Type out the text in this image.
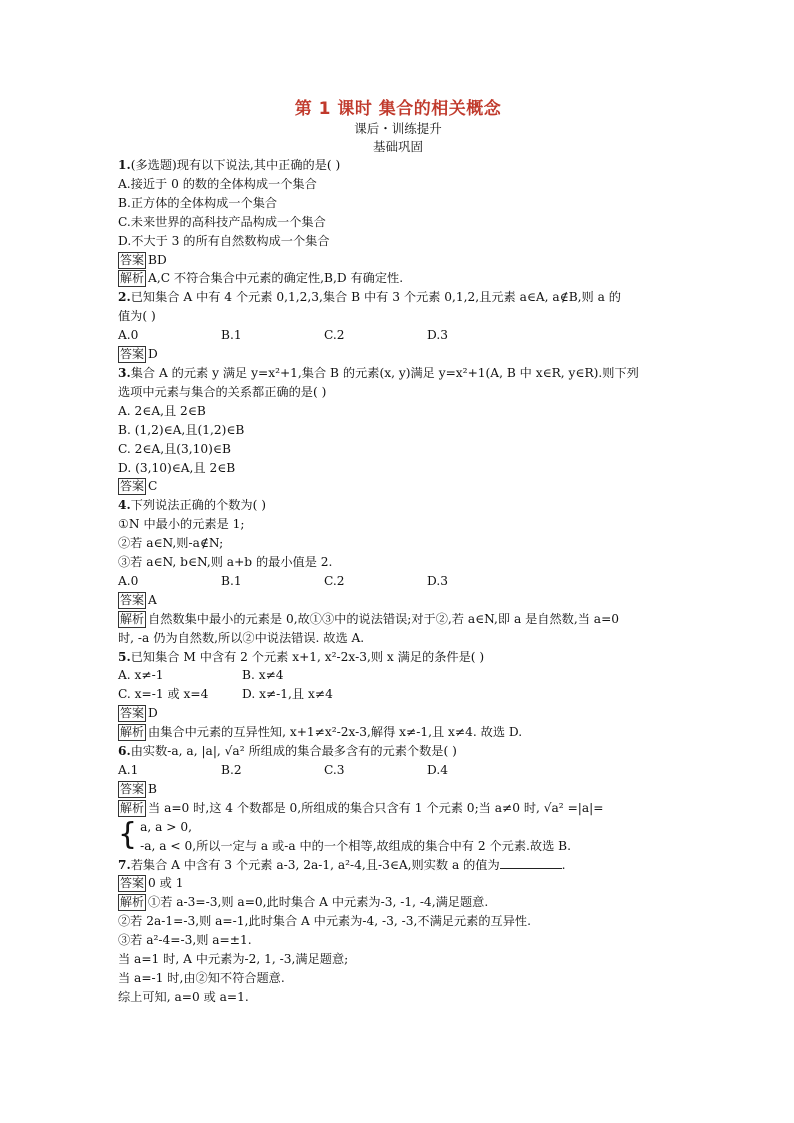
第 1 课时 集合的相关概念
课后・训练提升
基础巩固
1.(多选题)现有以下说法,其中正确的是( )
A.接近于 0 的数的全体构成一个集合
B.正方体的全体构成一个集合
C.未来世界的高科技产品构成一个集合
D.不大于 3 的所有自然数构成一个集合
答案 BD
解析 A,C 不符合集合中元素的确定性,B,D 有确定性.
2.已知集合 A 中有 4 个元素 0,1,2,3,集合 B 中有 3 个元素 0,1,2,且元素 a∈A, a∉B,则 a 的
值为( )
A.0	B.1	C.2	D.3
答案 D
3.集合 A 的元素 y 满足 y=x²+1,集合 B 的元素(x, y)满足 y=x²+1(A, B 中 x∈R, y∈R).则下列
选项中元素与集合的关系都正确的是( )
A. 2∈A,且 2∈B
B. (1,2)∈A,且(1,2)∈B
C. 2∈A,且(3,10)∈B
D. (3,10)∈A,且 2∈B
答案 C
4.下列说法正确的个数为( )
①N 中最小的元素是 1;
②若 a∈N,则-a∉N;
③若 a∈N, b∈N,则 a+b 的最小值是 2.
A.0	B.1	C.2	D.3
答案 A
解析 自然数集中最小的元素是 0,故①③中的说法错误;对于②,若 a∈N,即 a 是自然数,当 a=0
时, -a 仍为自然数,所以②中说法错误. 故选 A.
5.已知集合 M 中含有 2 个元素 x+1, x²-2x-3,则 x 满足的条件是( )
A. x≠-1	B. x≠4
C. x=-1 或 x=4	D. x≠-1,且 x≠4
答案 D
解析 由集合中元素的互异性知, x+1≠x²-2x-3,解得 x≠-1,且 x≠4. 故选 D.
6.由实数-a, a, |a|, √a² 所组成的集合最多含有的元素个数是( )
A.1	B.2	C.3	D.4
答案 B
解析 当 a=0 时,这 4 个数都是 0,所组成的集合只含有 1 个元素 0;当 a≠0 时, √a² =|a|=
{ a, a > 0,
-a, a < 0,所以一定与 a 或-a 中的一个相等,故组成的集合中有 2 个元素.故选 B.
7.若集合 A 中含有 3 个元素 a-3, 2a-1, a²-4,且-3∈A,则实数 a 的值为	.
答案 0 或 1
解析 ①若 a-3=-3,则 a=0,此时集合 A 中元素为-3, -1, -4,满足题意.
②若 2a-1=-3,则 a=-1,此时集合 A 中元素为-4, -3, -3,不满足元素的互异性.
③若 a²-4=-3,则 a=±1.
当 a=1 时, A 中元素为-2, 1, -3,满足题意;
当 a=-1 时,由②知不符合题意.
综上可知, a=0 或 a=1.
